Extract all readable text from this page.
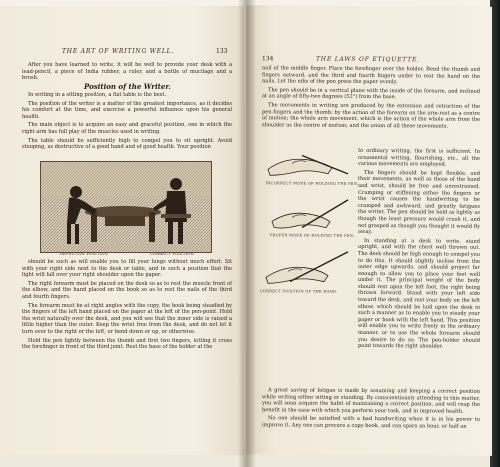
THE ART OF WRITING WELL.	133

After you have learned to write, it will be well to provide your desk with a lead-pencil, a piece of India rubber, a ruler, and a bottle of mucilage and a brush.

Position of the Writer.

In writing in a sitting position, a flat table is the best.

The position of the writer is a matter of the greatest importance, as it decides his comfort at the time, and exercise a powerful influence upon his general health.

The main object is to acquire an easy and graceful position, one in which the right arm has full play of the muscles used in writing.

The table should be sufficiently high to compel you to sit upright. Avoid stooping, as destructive of a good hand and of good health. Your position

DEFECTIVE POSITION.	CORRECT POSITION.

should be such as will enable you to fill your lungs without much effort. Sit with your right side next to the desk or table, and in such a position that the light will fall over your right shoulder upon the paper.

The right forearm must be placed on the desk so as to rest the muscle front of the elbow, and the hand placed on the book so as to rest the nails of the third and fourth fingers.

The forearm must be at right angles with the copy, the book being steadied by the fingers of the left hand placed on the paper at the left of the pen-point. Hold the wrist naturally over the desk, and you will see that the inner side is raised a little higher than the outer. Keep the wrist free from the desk, and do not let it turn over to the right or the left, or bend down or up, or otherwise.

Hold the pen lightly between the thumb and first two fingers, letting it cross the forefinger in front of the third joint. Rest the base of the holder at the

134	THE LAWS OF ETIQUETTE.

nail of the middle finger. Place the forefinger over the holder. Bend the thumb and fingers outward, and the third and fourth fingers under to rest the hand on the nails. Let the nibs of the pen press the paper evenly.

The pen should be in a vertical plane with the inside of the forearm, and inclined at an angle of fifty-two degrees (52°) from the base.

The movements in writing are produced by the extension and retraction of the pen-fingers and the thumb; by the action of the forearm on the arm-rest as a centre of motion; the whole arm movement, which is the action of the whole arm from the shoulder as the centre of motion; and the union of all these movements.

INCORRECT MODE OF HOLDING THE PEN.
PROPER MODE OF HOLDING THE PEN.
CORRECT POSITION OF THE HAND.

In ordinary writing, the first is sufficient. In ornamental writing, flourishing, etc., all the various movements are employed.

The fingers should be kept flexible, and their movements, as well as those of the hand and wrist, should be free and unrestrained. Cramping or stiffening either the fingers or the wrist causes the handwriting to be cramped and awkward, and greatly fatigues the writer. The pen should be held as lightly as though the least pressure would crush it, and not grasped as though you thought it would fly away.

In standing at a desk to write, stand upright, and with the chest well thrown out. The desk should be high enough to compel you to do this. It should slightly incline from the outer edge upwards, and should project far enough to allow you to place your feet well under it. The principal weight of the body should rest upon the left foot, the right being thrown forward. Stand with your left side toward the desk, and rest your body on the left elbow, which should be laid upon the desk in such a manner as to enable you to steady your paper or book with the left hand. This position will enable you to write freely in the ordinary manner, or to use the whole forearm should you desire to do so. The pen-holder should point towards the right shoulder.

A great saving of fatigue is made by assuming and keeping a correct position while writing either sitting or standing. By conscientiously attending to this matter, you will soon acquire the habit of maintaining a correct position, and will reap the benefit in the ease with which you perform your task, and in improved health.

No one should be satisfied with a bad handwriting when it is in his power to improve it. Any one can procure a copy-book, and can spare an hour, or half an
